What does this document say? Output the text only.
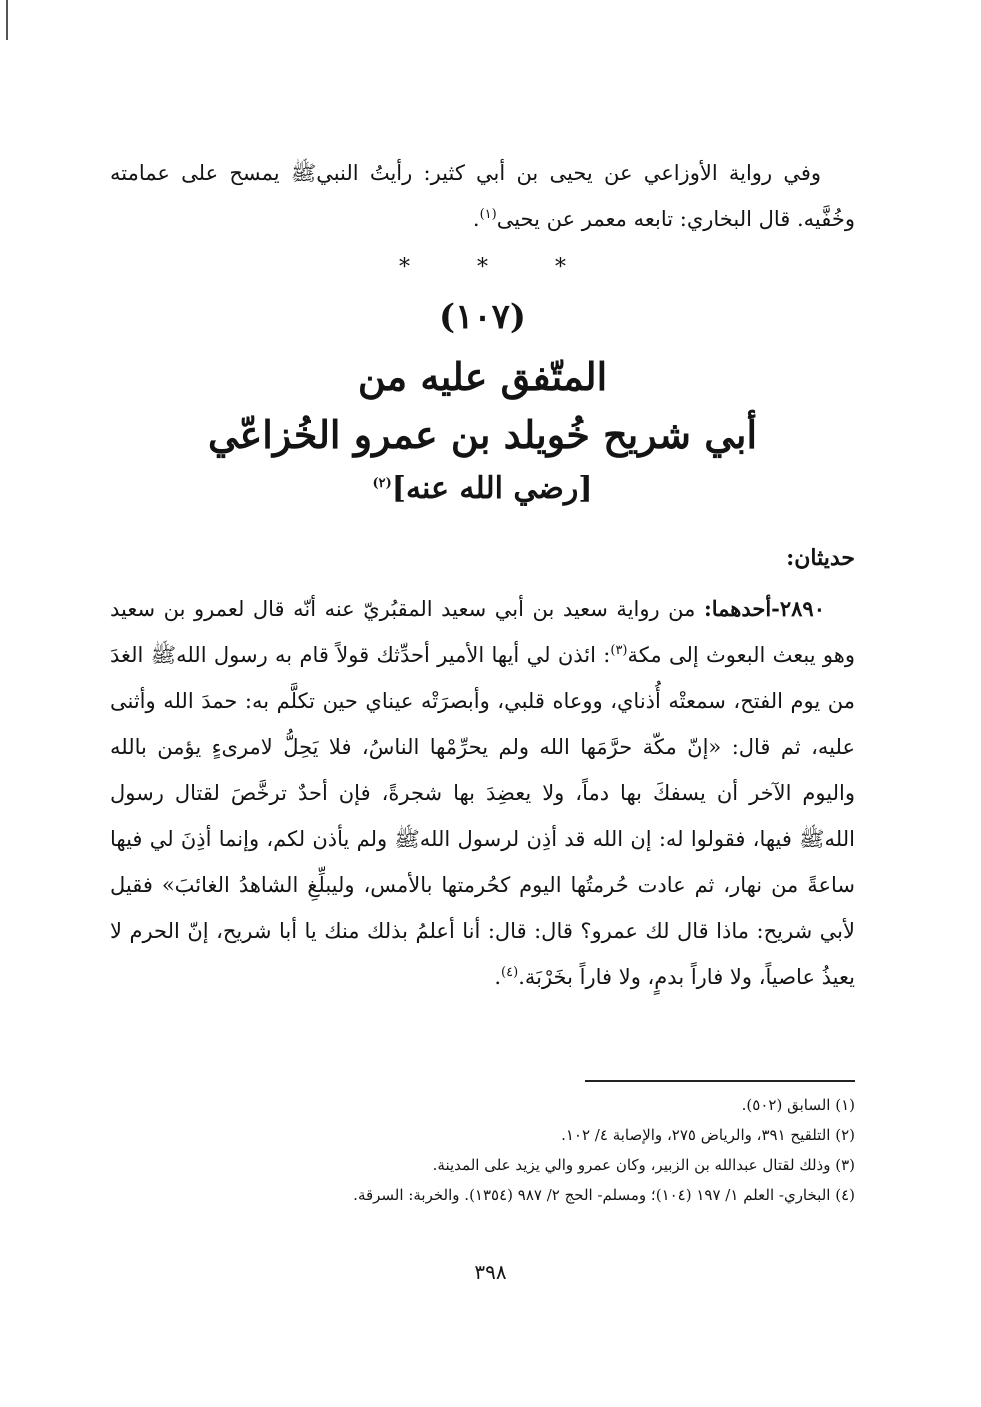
وفي رواية الأوزاعي عن يحيى بن أبي كثير: رأيتُ النبيﷺ يمسح على عمامته وخُفَّيه. قال البخاري: تابعه معمر عن يحيى$^{(١)}$.

* * *
(١٠٧)
المتّفق عليه من
أبي شريح خُويلد بن عمرو الخُزاعّي
[رضي الله عنه]$^{(٢)}$
حديثان:

٢٨٩٠-أحدهما: من رواية سعيد بن أبي سعيد المقبُريّ عنه أنّه قال لعمرو بن سعيد وهو يبعث البعوث إلى مكة$^{(٣)}$: ائذن لي أيها الأمير أحدِّثك قولاً قام به رسول اللهﷺ الغدَ من يوم الفتح، سمعتْه أُذناي، ووعاه قلبي، وأبصرَتْه عيناي حين تكلَّم به: حمدَ الله وأثنى عليه، ثم قال: «إنّ مكّة حرَّمَها الله ولم يحرِّمْها الناسُ، فلا يَحِلُّ لامرىءٍ يؤمن بالله واليوم الآخر أن يسفكَ بها دماً، ولا يعضِدَ بها شجرةً، فإن أحدٌ ترخَّصَ لقتال رسول اللهﷺ فيها، فقولوا له: إن الله قد أذِن لرسول اللهﷺ ولم يأذن لكم، وإنما أذِنَ لي فيها ساعةً من نهار، ثم عادت حُرمتُها اليوم كحُرمتها بالأمس، وليبلِّغِ الشاهدُ الغائبَ» فقيل لأبي شريح: ماذا قال لك عمرو؟ قال: قال: أنا أعلمُ بذلك منك يا أبا شريح، إنّ الحرم لا يعيذُ عاصياً، ولا فاراً بدمٍ، ولا فاراً بخَرْبَة.$^{(٤)}$.

(١) السابق (٥٠٢).

(٢) التلقيح ٣٩١، والرياض ٢٧٥، والإصابة ٤/ ١٠٢.

(٣) وذلك لقتال عبدالله بن الزبير، وكان عمرو والي يزيد على المدينة.

(٤) البخاري- العلم ١/ ١٩٧ (١٠٤)؛ ومسلم- الحج ٢/ ٩٨٧ (١٣٥٤). والخربة: السرقة.

٣٩٨
